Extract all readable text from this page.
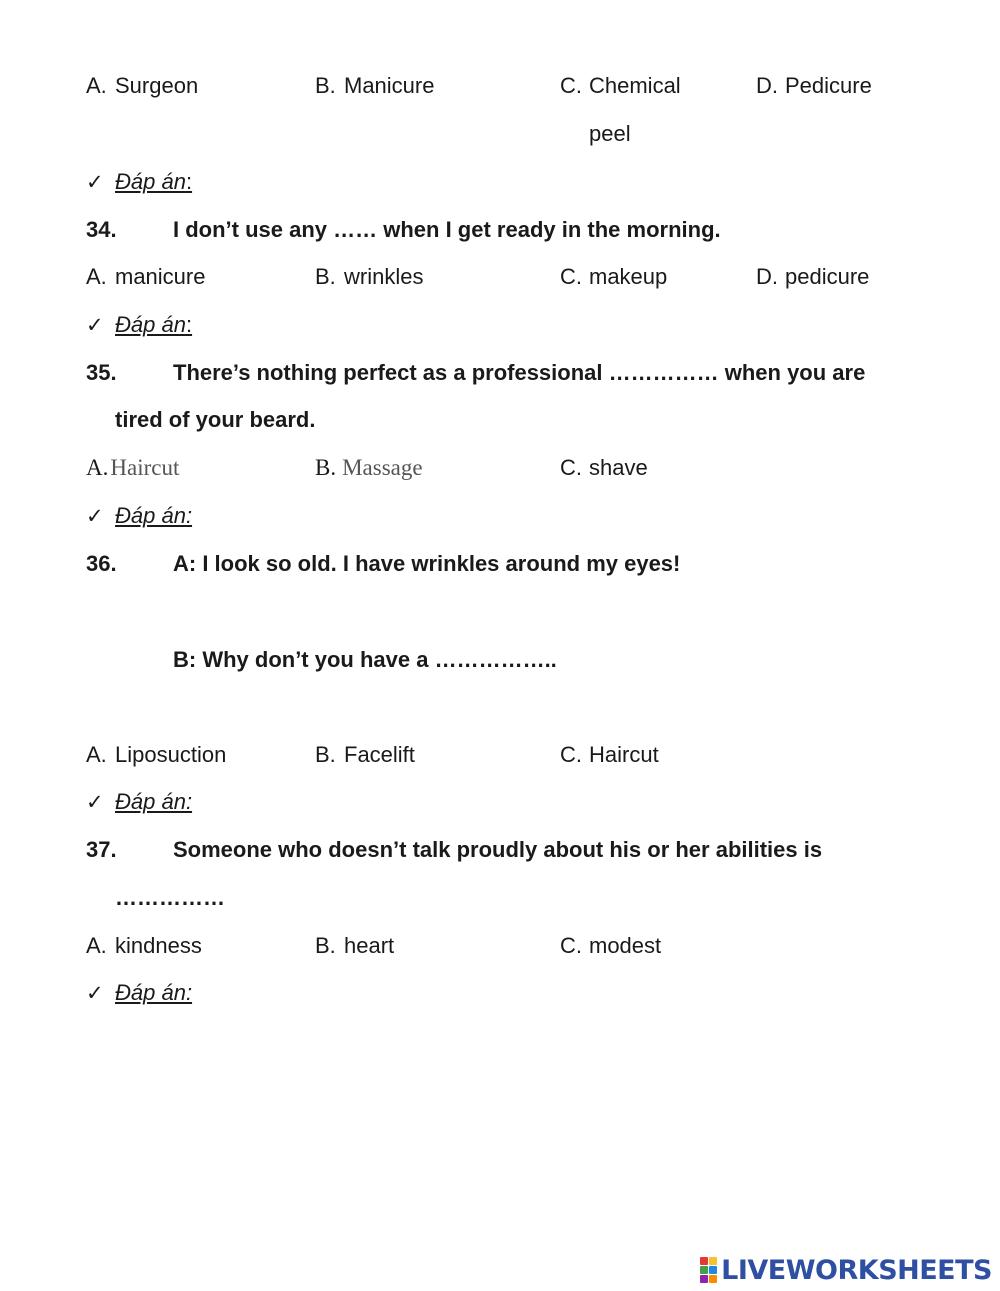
A. Surgeon	B. Manicure	C. Chemical	D. Pedicure
peel
✓ Đáp án:
34.	I don’t use any …… when I get ready in the morning.
A. manicure	B. wrinkles	C. makeup	D. pedicure
✓ Đáp án:
35.	There’s nothing perfect as a professional …………… when you are
tired of your beard.
A.Haircut	B. Massage	C. shave
✓ Đáp án:
36.	A: I look so old. I have wrinkles around my eyes!
B: Why don’t you have a ……………..
A. Liposuction	B. Facelift	C. Haircut
✓ Đáp án:
37.	Someone who doesn’t talk proudly about his or her abilities is
……………
A. kindness	B. heart	C. modest
✓ Đáp án:
LIVEWORKSHEETS
